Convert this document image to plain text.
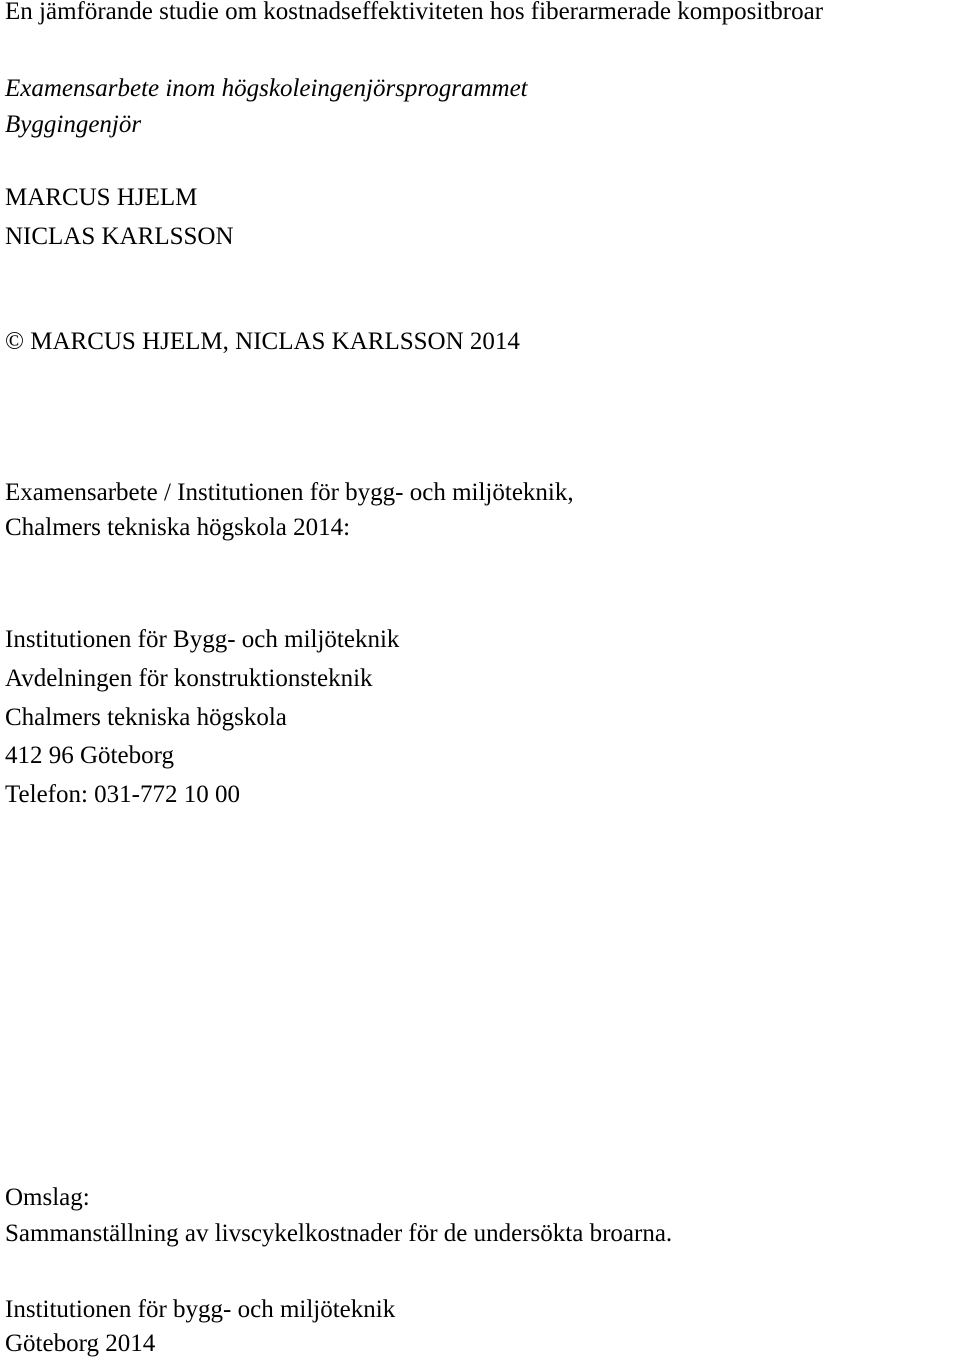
En jämförande studie om kostnadseffektiviteten hos fiberarmerade kompositbroar

Examensarbete inom högskoleingenjörsprogrammet

Byggingenjör

MARCUS HJELM

NICLAS KARLSSON

© MARCUS HJELM, NICLAS KARLSSON 2014

Examensarbete / Institutionen för bygg- och miljöteknik,

Chalmers tekniska högskola 2014:

Institutionen för Bygg- och miljöteknik

Avdelningen för konstruktionsteknik

Chalmers tekniska högskola

412 96 Göteborg

Telefon: 031-772 10 00

Omslag:

Sammanställning av livscykelkostnader för de undersökta broarna.

Institutionen för bygg- och miljöteknik

Göteborg 2014
